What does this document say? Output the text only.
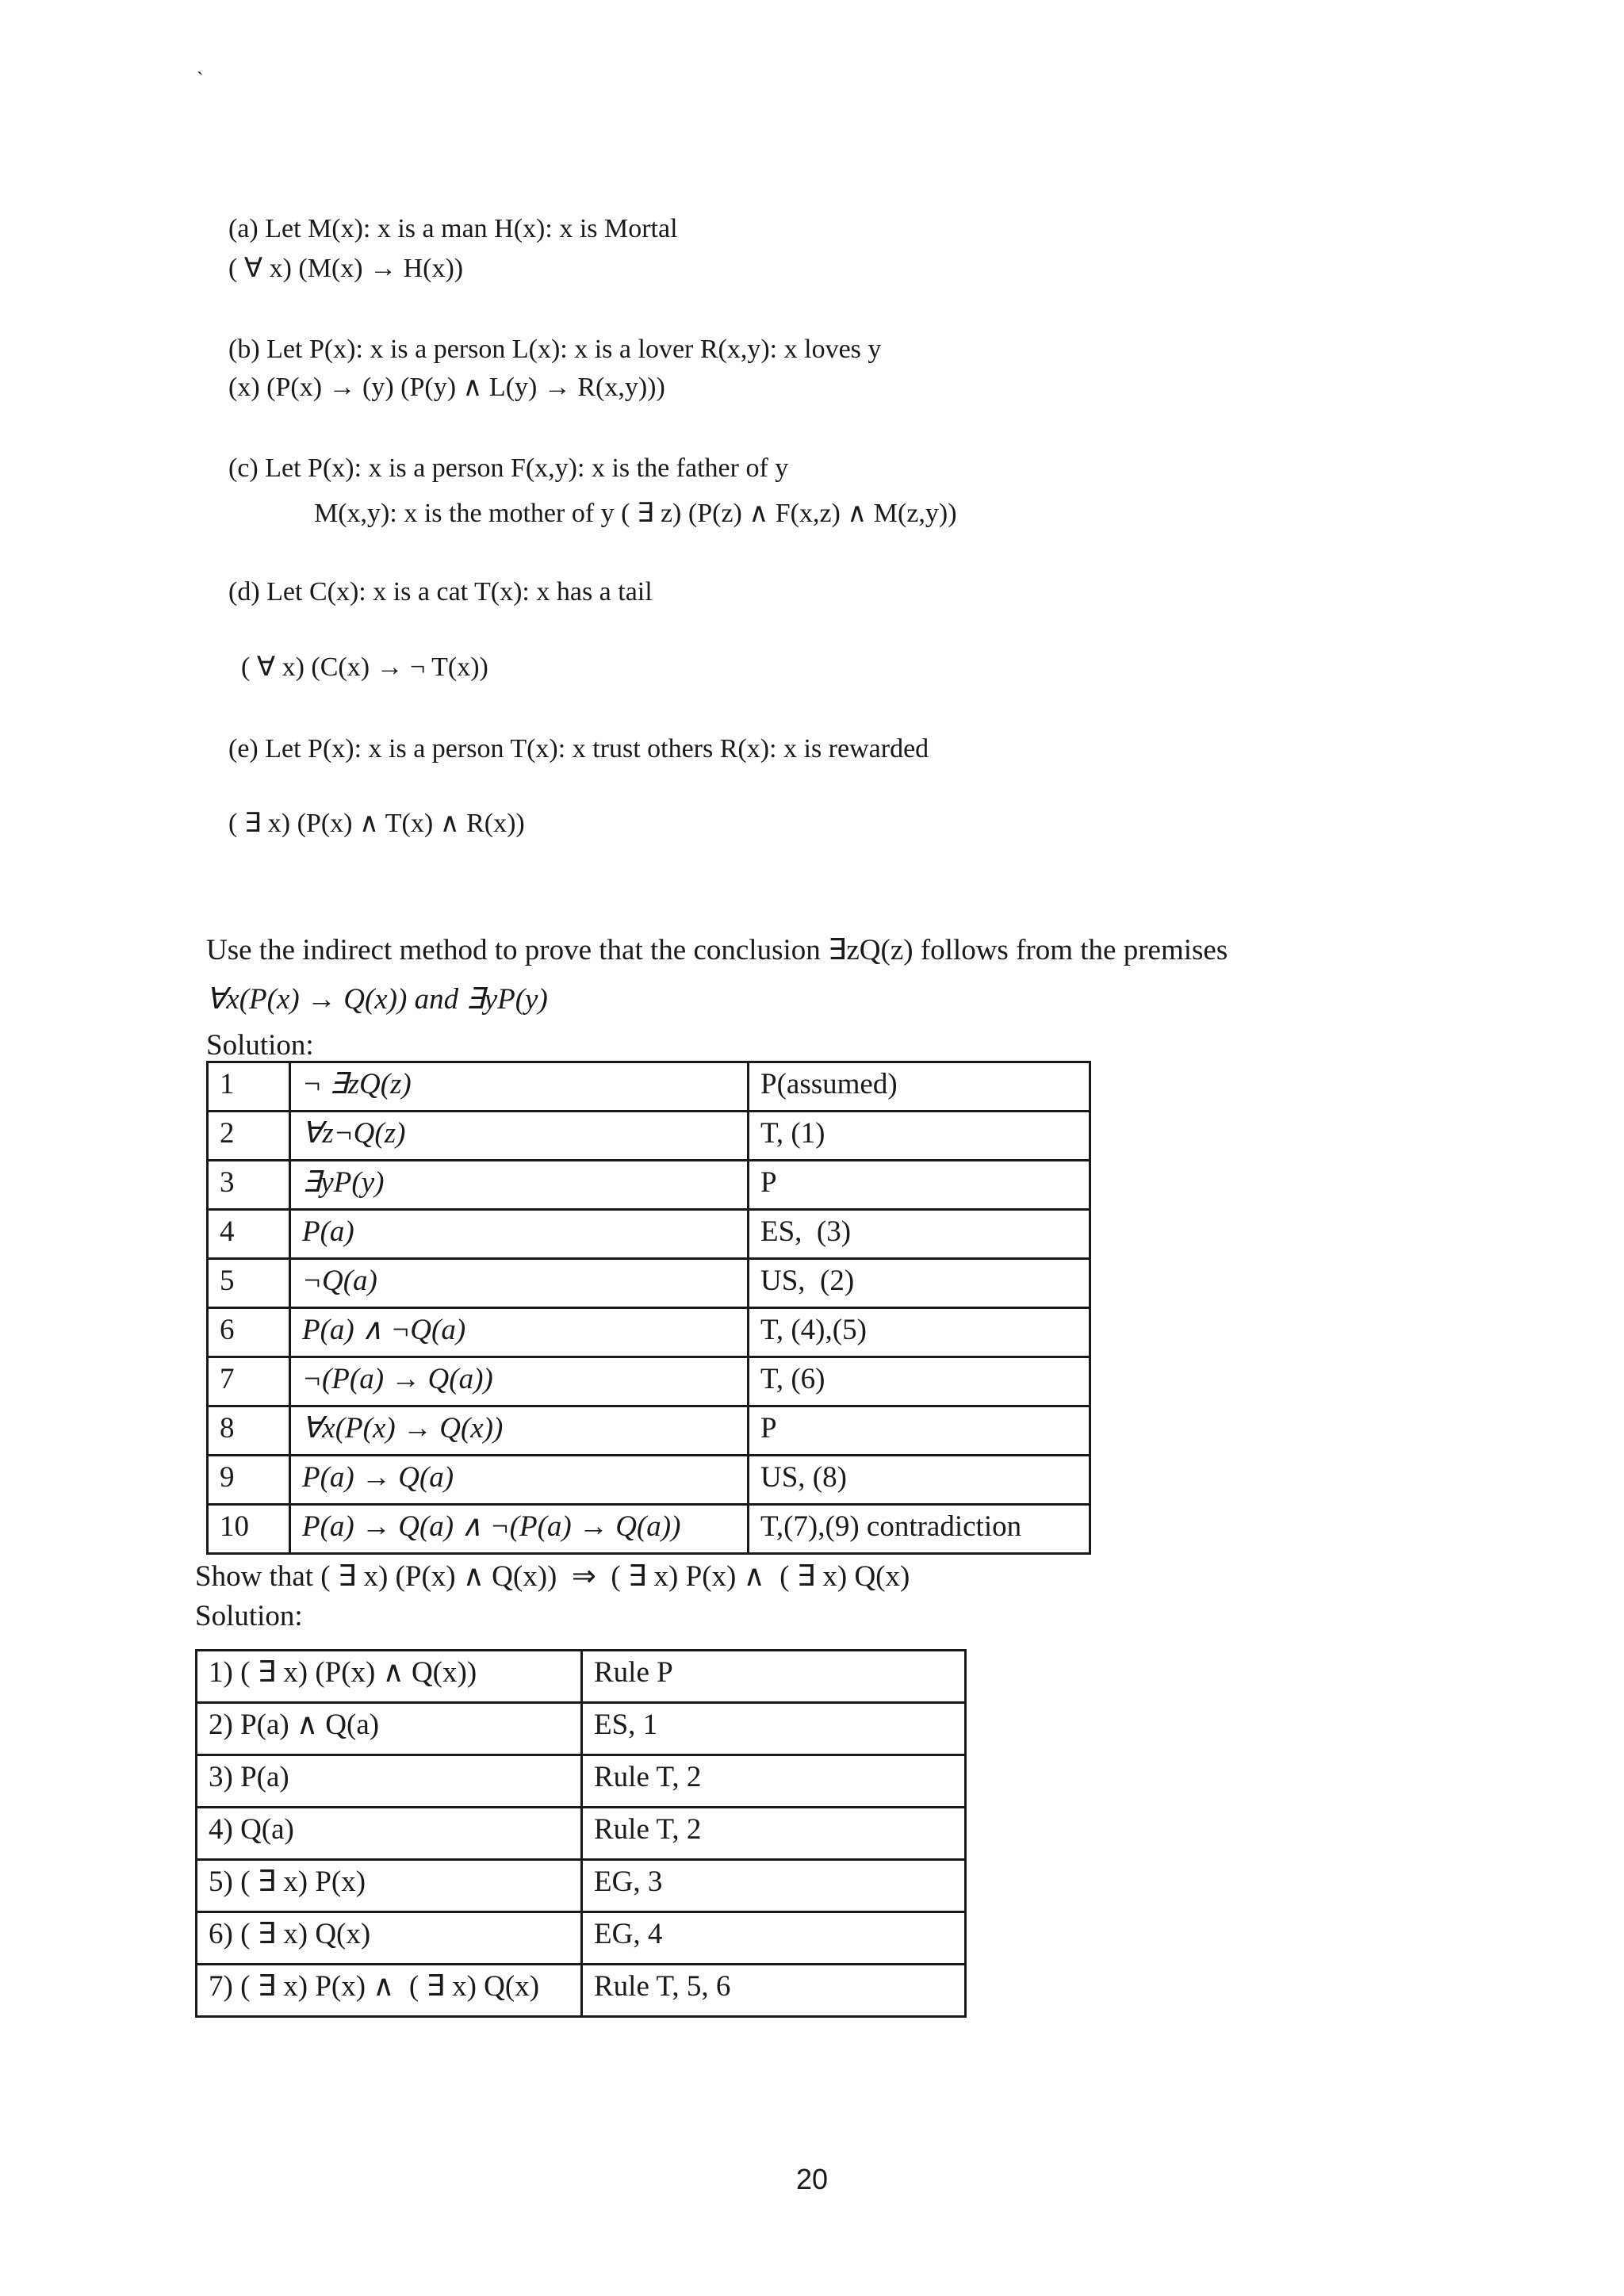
`
(a) Let M(x): x is a man H(x): x is Mortal
( ∀ x) (M(x) → H(x))
(b) Let P(x): x is a person L(x): x is a lover R(x,y): x loves y
(x) (P(x) → (y) (P(y) ∧ L(y) → R(x,y)))
(c) Let P(x): x is a person F(x,y): x is the father of y
M(x,y): x is the mother of y ( ∃ z) (P(z) ∧ F(x,z) ∧ M(z,y))
(d) Let C(x): x is a cat T(x): x has a tail
( ∀ x) (C(x) → ¬ T(x))
(e) Let P(x): x is a person T(x): x trust others R(x): x is rewarded
( ∃ x) (P(x) ∧ T(x) ∧ R(x))
Use the indirect method to prove that the conclusion ∃zQ(z) follows from the premises
∀x(P(x) → Q(x)) and ∃yP(y)
Solution:
1	¬ ∃zQ(z)	P(assumed)
2	∀z¬Q(z)	T, (1)
3	∃yP(y)	P
4	P(a)	ES,  (3)
5	¬Q(a)	US,  (2)
6	P(a) ∧ ¬Q(a)	T, (4),(5)
7	¬(P(a) → Q(a))	T, (6)
8	∀x(P(x) → Q(x))	P
9	P(a) → Q(a)	US, (8)
10	P(a) → Q(a) ∧ ¬(P(a) → Q(a))	T,(7),(9) contradiction
Show that ( ∃ x) (P(x) ∧ Q(x))  ⇒  ( ∃ x) P(x) ∧  ( ∃ x) Q(x)
Solution:
1) ( ∃ x) (P(x) ∧ Q(x))	Rule P
2) P(a) ∧ Q(a)	ES, 1
3) P(a)	Rule T, 2
4) Q(a)	Rule T, 2
5) ( ∃ x) P(x)	EG, 3
6) ( ∃ x) Q(x)	EG, 4
7) ( ∃ x) P(x) ∧  ( ∃ x) Q(x)	Rule T, 5, 6
20
